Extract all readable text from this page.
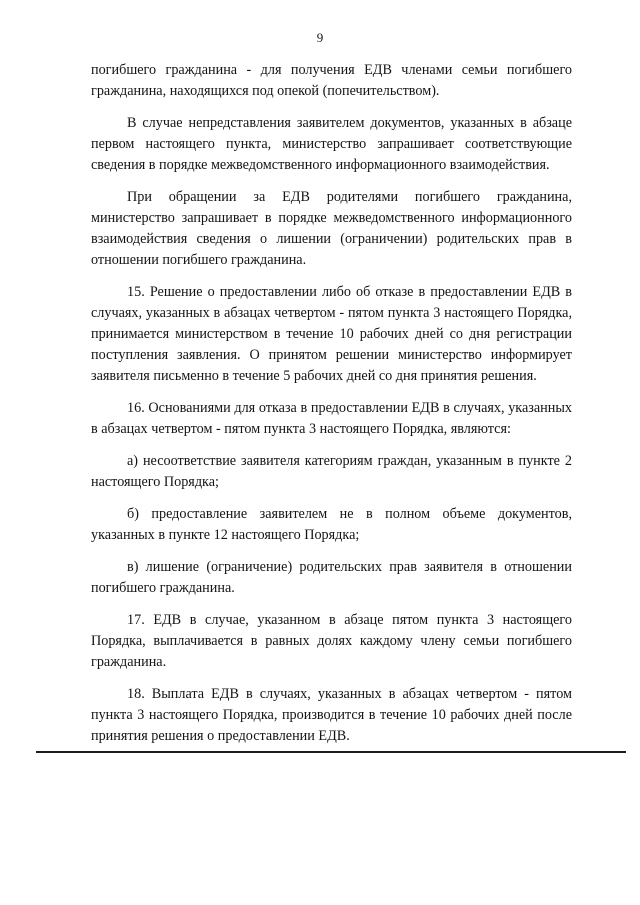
9

погибшего гражданина - для получения ЕДВ членами семьи погибшего гражданина, находящихся под опекой (попечительством).

В случае непредставления заявителем документов, указанных в абзаце первом настоящего пункта, министерство запрашивает соответствующие сведения в порядке межведомственного информационного взаимодействия.

При обращении за ЕДВ родителями погибшего гражданина, министерство запрашивает в порядке межведомственного информационного взаимодействия сведения о лишении (ограничении) родительских прав в отношении погибшего гражданина.

15. Решение о предоставлении либо об отказе в предоставлении ЕДВ в случаях, указанных в абзацах четвертом - пятом пункта 3 настоящего Порядка, принимается министерством в течение 10 рабочих дней со дня регистрации поступления заявления. О принятом решении министерство информирует заявителя письменно в течение 5 рабочих дней со дня принятия решения.

16. Основаниями для отказа в предоставлении ЕДВ в случаях, указанных в абзацах четвертом - пятом пункта 3 настоящего Порядка, являются:

а) несоответствие заявителя категориям граждан, указанным в пункте 2 настоящего Порядка;

б) предоставление заявителем не в полном объеме документов, указанных в пункте 12 настоящего Порядка;

в) лишение (ограничение) родительских прав заявителя в отношении погибшего гражданина.

17. ЕДВ в случае, указанном в абзаце пятом пункта 3 настоящего Порядка, выплачивается в равных долях каждому члену семьи погибшего гражданина.

18. Выплата ЕДВ в случаях, указанных в абзацах четвертом - пятом пункта 3 настоящего Порядка, производится в течение 10 рабочих дней после принятия решения о предоставлении ЕДВ.
